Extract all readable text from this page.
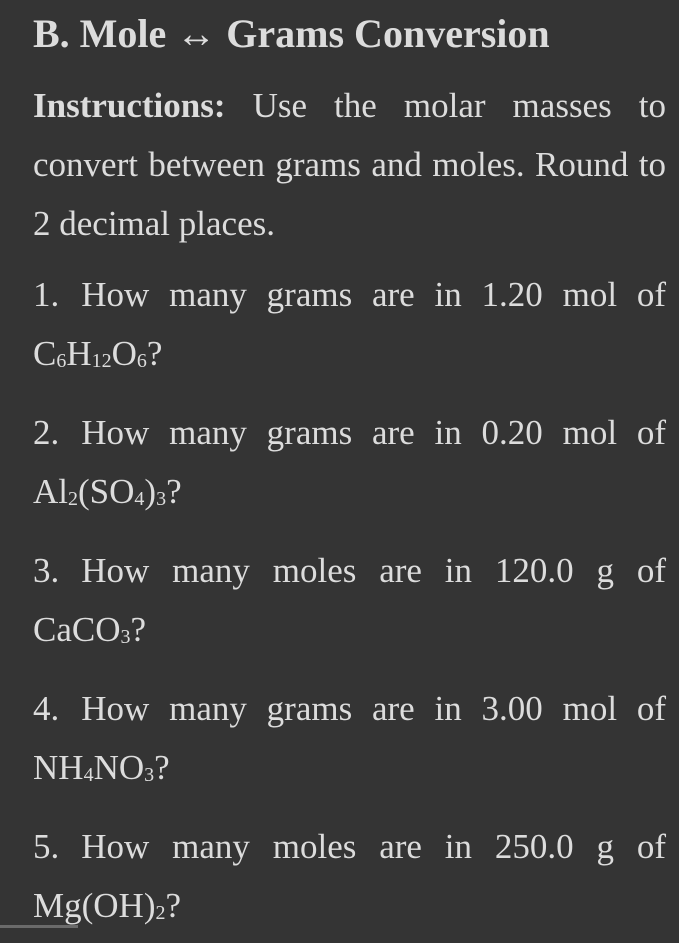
B. Mole ↔ Grams Conversion

Instructions: Use the molar masses to convert between grams and moles. Round to 2 decimal places.

1. How many grams are in 1.20 mol of C6H12O6?

2. How many grams are in 0.20 mol of Al2(SO4)3?

3. How many moles are in 120.0 g of CaCO3?

4. How many grams are in 3.00 mol of NH4NO3?

5. How many moles are in 250.0 g of Mg(OH)2?
